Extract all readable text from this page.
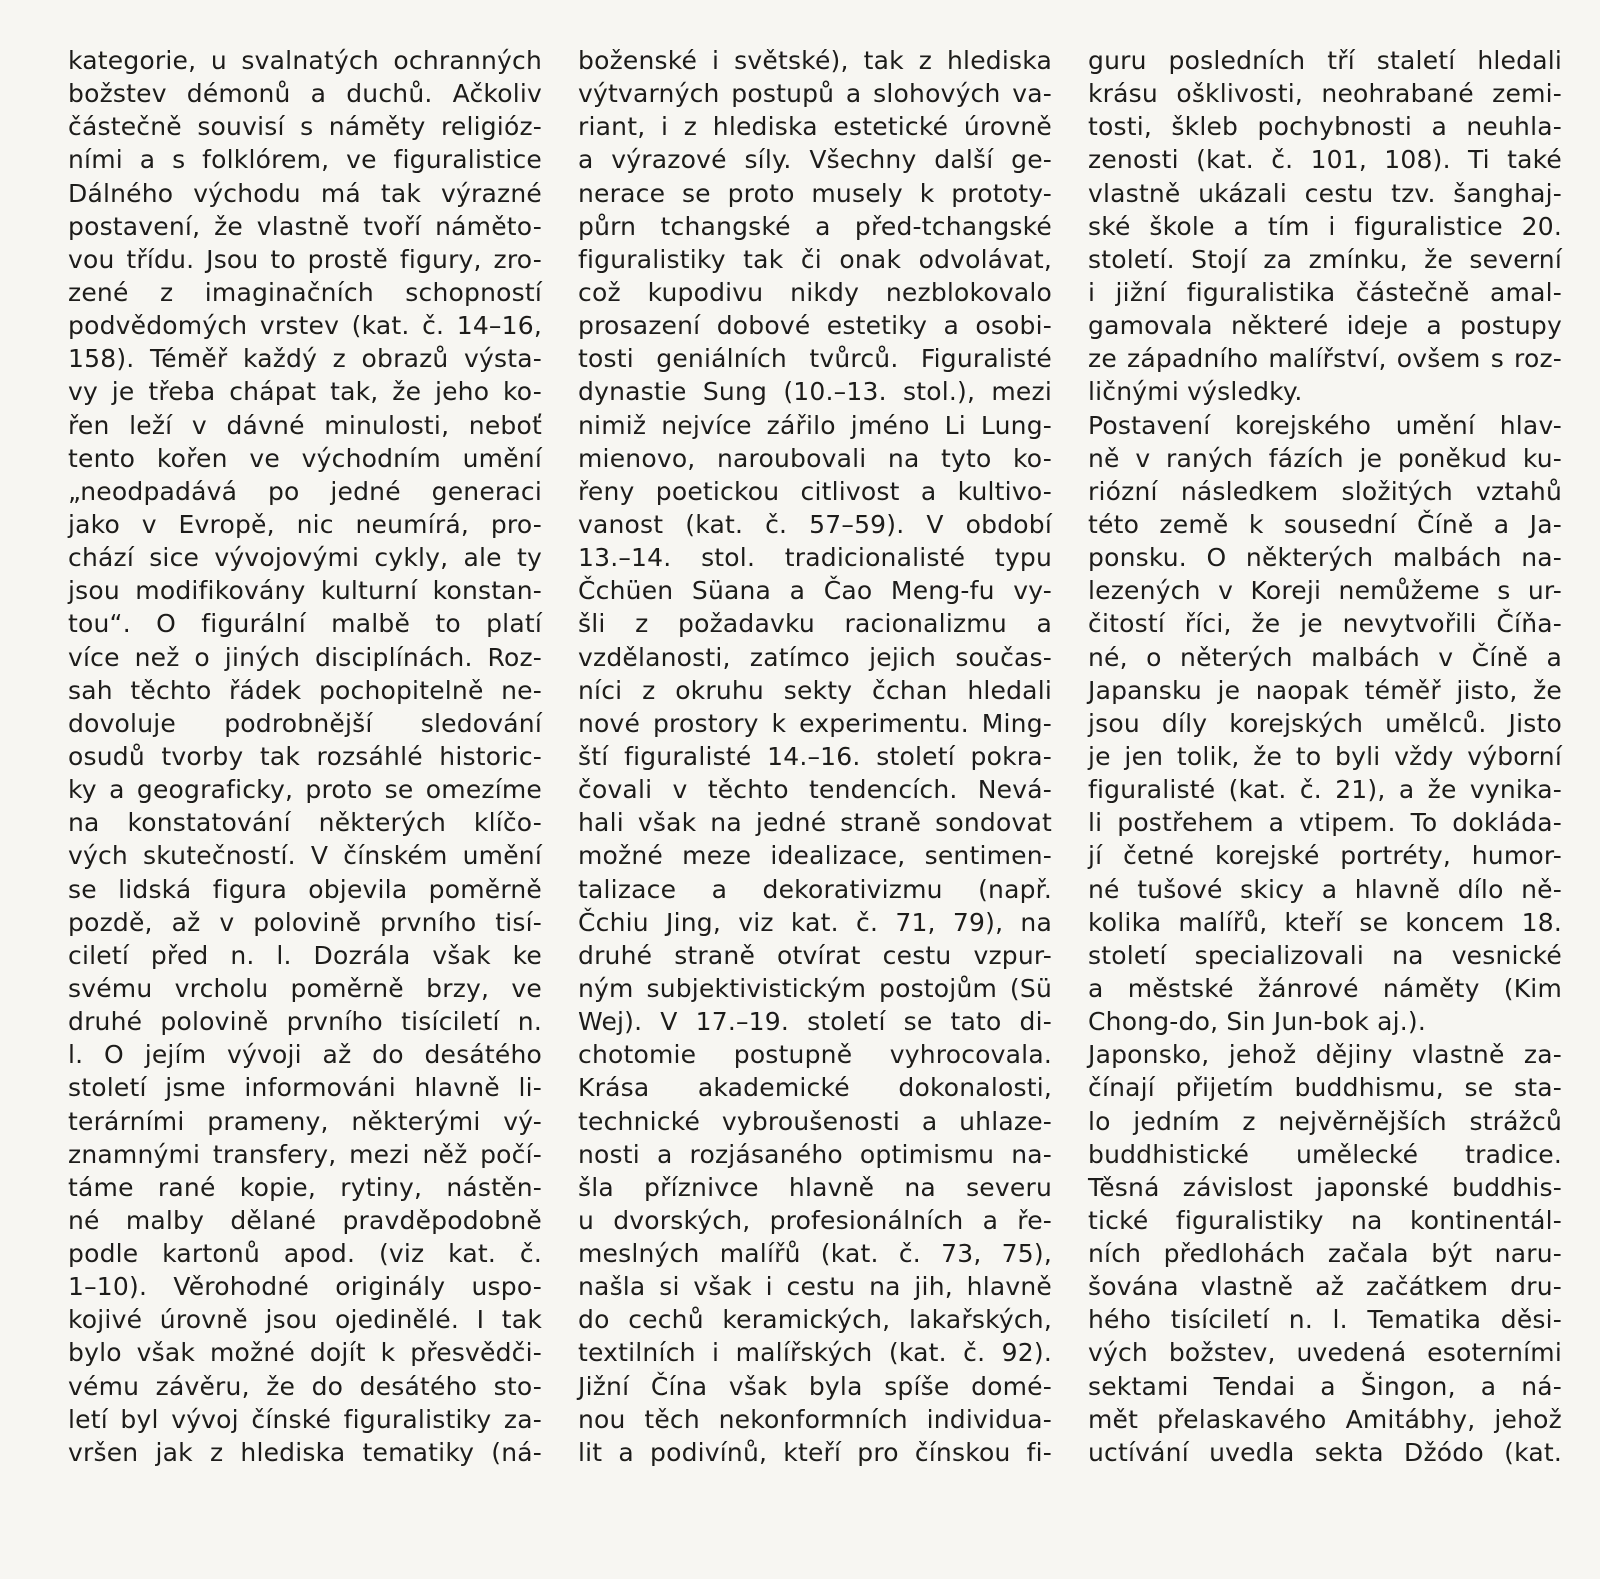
kategorie, u svalnatých ochranných
božstev démonů a duchů. Ačkoliv
částečně souvisí s náměty religióz-
ními a s folklórem, ve figuralistice
Dálného východu má tak výrazné
postavení, že vlastně tvoří náměto-
vou třídu. Jsou to prostě figury, zro-
zené z imaginačních schopností
podvědomých vrstev (kat. č. 14–16,
158). Téměř každý z obrazů výsta-
vy je třeba chápat tak, že jeho ko-
řen leží v dávné minulosti, neboť
tento kořen ve východním umění
„neodpadává po jedné generaci
jako v Evropě, nic neumírá, pro-
chází sice vývojovými cykly, ale ty
jsou modifikovány kulturní konstan-
tou“. O figurální malbě to platí
více než o jiných disciplínách. Roz-
sah těchto řádek pochopitelně ne-
dovoluje podrobnější sledování
osudů tvorby tak rozsáhlé historic-
ky a geograficky, proto se omezíme
na konstatování některých klíčo-
vých skutečností. V čínském umění
se lidská figura objevila poměrně
pozdě, až v polovině prvního tisí-
ciletí před n. l. Dozrála však ke
svému vrcholu poměrně brzy, ve
druhé polovině prvního tisíciletí n.
l. O jejím vývoji až do desátého
století jsme informováni hlavně li-
terárními prameny, některými vý-
znamnými transfery, mezi něž počí-
táme rané kopie, rytiny, nástěn-
né malby dělané pravděpodobně
podle kartonů apod. (viz kat. č.
1–10). Věrohodné originály uspo-
kojivé úrovně jsou ojedinělé. I tak
bylo však možné dojít k přesvědči-
vému závěru, že do desátého sto-
letí byl vývoj čínské figuralistiky za-
vršen jak z hlediska tematiky (ná-
boženské i světské), tak z hlediska
výtvarných postupů a slohových va-
riant, i z hlediska estetické úrovně
a výrazové síly. Všechny další ge-
nerace se proto musely k prototy-
půrn tchangské a před-tchangské
figuralistiky tak či onak odvolávat,
což kupodivu nikdy nezblokovalo
prosazení dobové estetiky a osobi-
tosti geniálních tvůrců. Figuralisté
dynastie Sung (10.–13. stol.), mezi
nimiž nejvíce zářilo jméno Li Lung-
mienovo, naroubovali na tyto ko-
řeny poetickou citlivost a kultivo-
vanost (kat. č. 57–59). V období
13.–14. stol. tradicionalisté typu
Čchüen Süana a Čao Meng-fu vy-
šli z požadavku racionalizmu a
vzdělanosti, zatímco jejich součas-
níci z okruhu sekty čchan hledali
nové prostory k experimentu. Ming-
ští figuralisté 14.–16. století pokra-
čovali v těchto tendencích. Nevá-
hali však na jedné straně sondovat
možné meze idealizace, sentimen-
talizace a dekorativizmu (např.
Čchiu Jing, viz kat. č. 71, 79), na
druhé straně otvírat cestu vzpur-
ným subjektivistickým postojům (Sü
Wej). V 17.–19. století se tato di-
chotomie postupně vyhrocovala.
Krása akademické dokonalosti,
technické vybroušenosti a uhlaze-
nosti a rozjásaného optimismu na-
šla příznivce hlavně na severu
u dvorských, profesionálních a ře-
meslných malířů (kat. č. 73, 75),
našla si však i cestu na jih, hlavně
do cechů keramických, lakařských,
textilních i malířských (kat. č. 92).
Jižní Čína však byla spíše domé-
nou těch nekonformních individua-
lit a podivínů, kteří pro čínskou fi-
guru posledních tří staletí hledali
krásu ošklivosti, neohrabané zemi-
tosti, škleb pochybnosti a neuhla-
zenosti (kat. č. 101, 108). Ti také
vlastně ukázali cestu tzv. šanghaj-
ské škole a tím i figuralistice 20.
století. Stojí za zmínku, že severní
i jižní figuralistika částečně amal-
gamovala některé ideje a postupy
ze západního malířství, ovšem s roz-
ličnými výsledky.
Postavení korejského umění hlav-
ně v raných fázích je poněkud ku-
riózní následkem složitých vztahů
této země k sousední Číně a Ja-
ponsku. O některých malbách na-
lezených v Koreji nemůžeme s ur-
čitostí říci, že je nevytvořili Číňa-
né, o něterých malbách v Číně a
Japansku je naopak téměř jisto, že
jsou díly korejských umělců. Jisto
je jen tolik, že to byli vždy výborní
figuralisté (kat. č. 21), a že vynika-
li postřehem a vtipem. To dokláda-
jí četné korejské portréty, humor-
né tušové skicy a hlavně dílo ně-
kolika malířů, kteří se koncem 18.
století specializovali na vesnické
a městské žánrové náměty (Kim
Chong-do, Sin Jun-bok aj.).
Japonsko, jehož dějiny vlastně za-
čínají přijetím buddhismu, se sta-
lo jedním z nejvěrnějších strážců
buddhistické umělecké tradice.
Těsná závislost japonské buddhis-
tické figuralistiky na kontinentál-
ních předlohách začala být naru-
šována vlastně až začátkem dru-
hého tisíciletí n. l. Tematika děsi-
vých božstev, uvedená esoterními
sektami Tendai a Šingon, a ná-
mět přelaskavého Amitábhy, jehož
uctívání uvedla sekta Džódo (kat.
